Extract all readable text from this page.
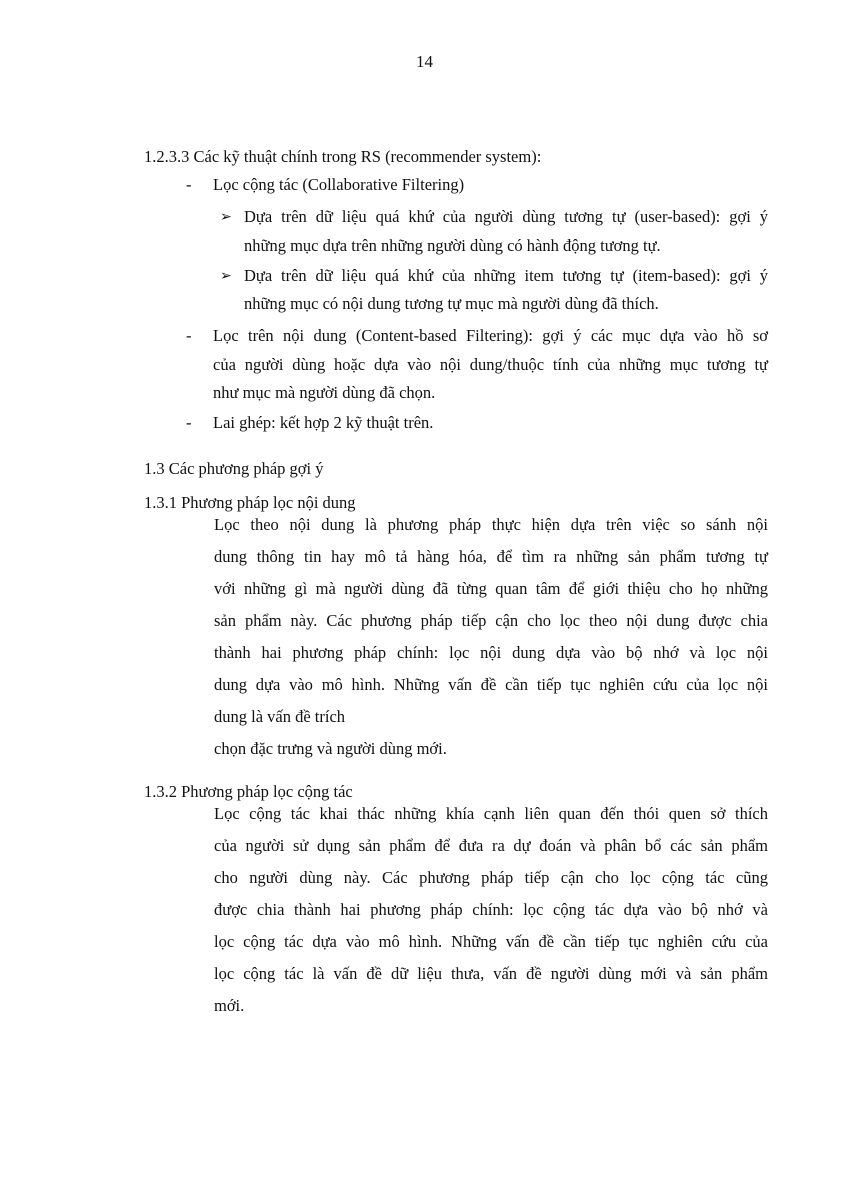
14
1.2.3.3 Các kỹ thuật chính trong RS (recommender system):
- Lọc cộng tác (Collaborative Filtering)
➢ Dựa trên dữ liệu quá khứ của người dùng tương tự (user-based): gợi ý
những mục dựa trên những người dùng có hành động tương tự.
➢ Dựa trên dữ liệu quá khứ của những item tương tự (item-based): gợi ý
những mục có nội dung tương tự mục mà người dùng đã thích.
- Lọc trên nội dung (Content-based Filtering): gợi ý các mục dựa vào hồ sơ
của người dùng hoặc dựa vào nội dung/thuộc tính của những mục tương tự
như mục mà người dùng đã chọn.
- Lai ghép: kết hợp 2 kỹ thuật trên.
1.3 Các phương pháp gợi ý
1.3.1 Phương pháp lọc nội dung
Lọc theo nội dung là phương pháp thực hiện dựa trên việc so sánh nội
dung thông tin hay mô tả hàng hóa, để tìm ra những sản phẩm tương tự
với những gì mà người dùng đã từng quan tâm để giới thiệu cho họ những
sản phẩm này. Các phương pháp tiếp cận cho lọc theo nội dung được chia
thành hai phương pháp chính: lọc nội dung dựa vào bộ nhớ và lọc nội
dung dựa vào mô hình. Những vấn đề cần tiếp tục nghiên cứu của lọc nội
dung là vấn đề trích
chọn đặc trưng và người dùng mới.
1.3.2 Phương pháp lọc cộng tác
Lọc cộng tác khai thác những khía cạnh liên quan đến thói quen sở thích
của người sử dụng sản phẩm để đưa ra dự đoán và phân bổ các sản phẩm
cho người dùng này. Các phương pháp tiếp cận cho lọc cộng tác cũng
được chia thành hai phương pháp chính: lọc cộng tác dựa vào bộ nhớ và
lọc cộng tác dựa vào mô hình. Những vấn đề cần tiếp tục nghiên cứu của
lọc cộng tác là vấn đề dữ liệu thưa, vấn đề người dùng mới và sản phẩm
mới.
